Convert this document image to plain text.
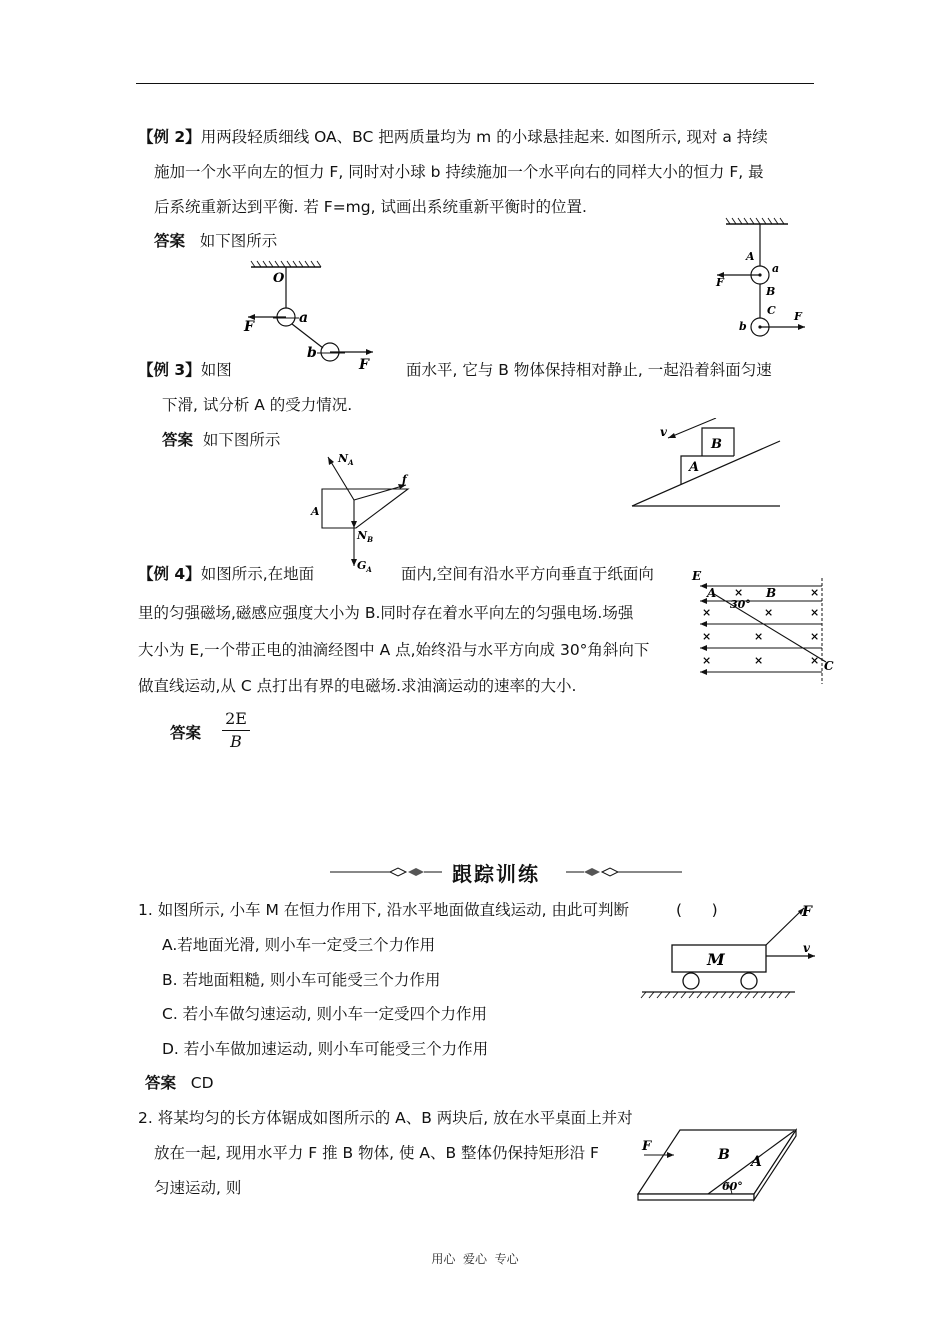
【例 2】用两段轻质细线 OA、BC 把两质量均为 m 的小球悬挂起来. 如图所示, 现对 a 持续
施加一个水平向左的恒力 F, 同时对小球 b 持续施加一个水平向右的同样大小的恒力 F, 最
后系统重新达到平衡. 若 F=mg, 试画出系统重新平衡时的位置.
答案 如下图所示
O
a
F
b
F
A
a
F
B
C
b
F
【例 3】如图	面水平, 它与 B 物体保持相对静止, 一起沿着斜面匀速
下滑, 试分析 A 的受力情况.
答案 如下图所示
$N_A$
f
A
$N_B$
$G_A$
v
B
A
【例 4】如图所示,在地面	面内,空间有沿水平方向垂直于纸面向
里的匀强磁场,磁感应强度大小为 B.同时存在着水平向左的匀强电场.场强
大小为 E,一个带正电的油滴经图中 A 点,始终沿与水平方向成 30°角斜向下
做直线运动,从 C 点打出有界的电磁场.求油滴运动的速率的大小.
答案
2E
B
E
A	B
30°
C
×	×
×	×	×
×	×	×
×	×	×
跟踪训练
1. 如图所示, 小车 M 在恒力作用下, 沿水平地面做直线运动, 由此可判断	(      )
A.若地面光滑, 则小车一定受三个力作用
B. 若地面粗糙, 则小车可能受三个力作用
C. 若小车做匀速运动, 则小车一定受四个力作用
D. 若小车做加速运动, 则小车可能受三个力作用
答案 CD
M
F
v
2. 将某均匀的长方体锯成如图所示的 A、B 两块后, 放在水平桌面上并对
放在一起, 现用水平力 F 推 B 物体, 使 A、B 整体仍保持矩形沿 F
匀速运动, 则
F
B A
60°
用心  爱心  专心
